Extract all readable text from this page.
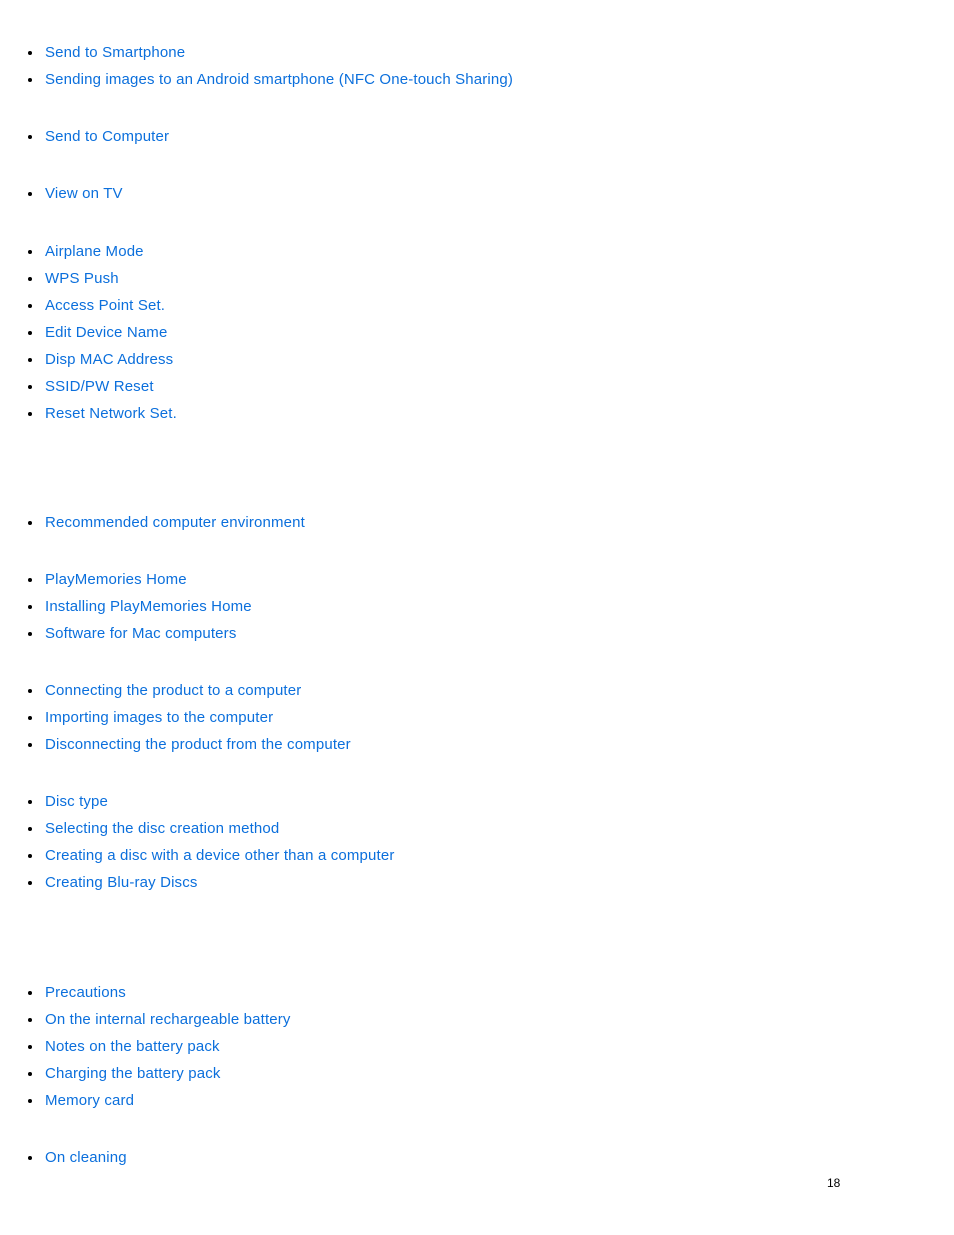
Send to Smartphone
Sending images to an Android smartphone (NFC One-touch Sharing)
Send to Computer
View on TV
Airplane Mode
WPS Push
Access Point Set.
Edit Device Name
Disp MAC Address
SSID/PW Reset
Reset Network Set.
Recommended computer environment
PlayMemories Home
Installing PlayMemories Home
Software for Mac computers
Connecting the product to a computer
Importing images to the computer
Disconnecting the product from the computer
Disc type
Selecting the disc creation method
Creating a disc with a device other than a computer
Creating Blu-ray Discs
Precautions
On the internal rechargeable battery
Notes on the battery pack
Charging the battery pack
Memory card
On cleaning
18
